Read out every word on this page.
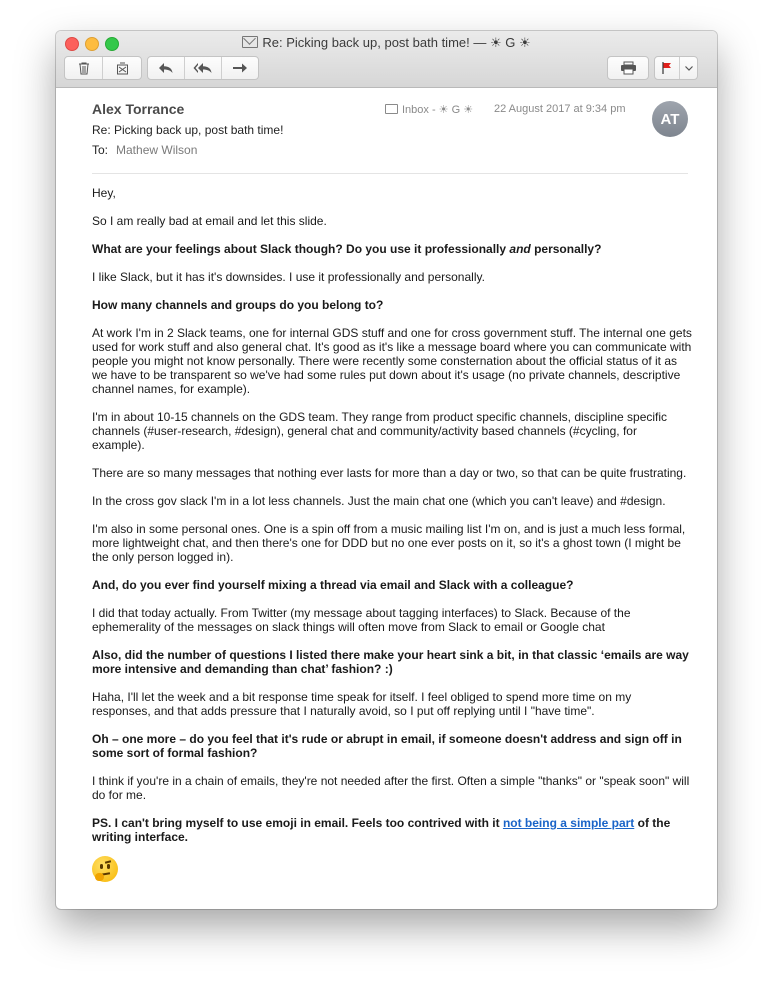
Re: Picking back up, post bath time! — ☀ G ☀
Alex Torrance
Re: Picking back up, post bath time!
To: Mathew Wilson
Inbox - ☀ G ☀ 22 August 2017 at 9:34 pm
AT

Hey,

So I am really bad at email and let this slide.

What are your feelings about Slack though? Do you use it professionally and personally?

I like Slack, but it has it's downsides. I use it professionally and personally.

How many channels and groups do you belong to?

At work I'm in 2 Slack teams, one for internal GDS stuff and one for cross government stuff. The internal one gets used for work stuff and also general chat. It's good as it's like a message board where you can communicate with people you might not know personally. There were recently some consternation about the official status of it as we have to be transparent so we've had some rules put down about it's usage (no private channels, descriptive channel names, for example).

I'm in about 10-15 channels on the GDS team. They range from product specific channels, discipline specific channels (#user-research, #design), general chat and community/activity based channels (#cycling, for example).

There are so many messages that nothing ever lasts for more than a day or two, so that can be quite frustrating.

In the cross gov slack I'm in a lot less channels. Just the main chat one (which you can't leave) and #design.

I'm also in some personal ones. One is a spin off from a music mailing list I'm on, and is just a much less formal, more lightweight chat, and then there's one for DDD but no one ever posts on it, so it's a ghost town (I might be the only person logged in).

And, do you ever find yourself mixing a thread via email and Slack with a colleague?

I did that today actually. From Twitter (my message about tagging interfaces) to Slack. Because of the ephemerality of the messages on slack things will often move from Slack to email or Google chat

Also, did the number of questions I listed there make your heart sink a bit, in that classic ‘emails are way more intensive and demanding than chat’ fashion? :)

Haha, I'll let the week and a bit response time speak for itself. I feel obliged to spend more time on my responses, and that adds pressure that I naturally avoid, so I put off replying until I "have time".

Oh – one more – do you feel that it's rude or abrupt in email, if someone doesn't address and sign off in some sort of formal fashion?

I think if you're in a chain of emails, they're not needed after the first. Often a simple "thanks" or "speak soon" will do for me.

PS. I can't bring myself to use emoji in email. Feels too contrived with it not being a simple part of the writing interface.
